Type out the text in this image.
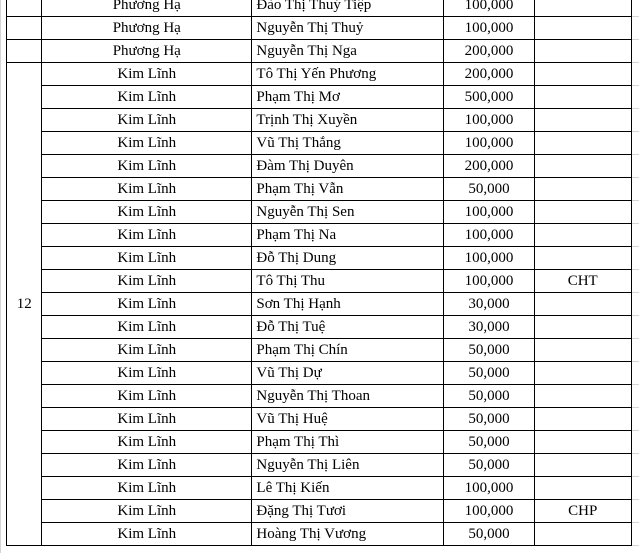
		Phương Hạ	Đào Thị Thuý Tiệp	100,000		
		Phương Hạ	Nguyễn Thị Thuỷ	100,000		
		Phương Hạ	Nguyễn Thị Nga	200,000		
	12	Kim Lĩnh	Tô Thị Yến Phương	200,000		
		Kim Lĩnh	Phạm Thị Mơ	500,000		
		Kim Lĩnh	Trịnh Thị Xuyền	100,000		
		Kim Lĩnh	Vũ Thị Thắng	100,000		
		Kim Lĩnh	Đàm Thị Duyên	200,000		
		Kim Lĩnh	Phạm Thị Vẫn	50,000		
		Kim Lĩnh	Nguyễn Thị Sen	100,000		
		Kim Lĩnh	Phạm Thị Na	100,000		
		Kim Lĩnh	Đỗ Thị Dung	100,000		
		Kim Lĩnh	Tô Thị Thu	100,000	CHT	
		Kim Lĩnh	Sơn Thị Hạnh	30,000		
		Kim Lĩnh	Đỗ Thị Tuệ	30,000		
		Kim Lĩnh	Phạm Thị Chín	50,000		
		Kim Lĩnh	Vũ Thị Dự	50,000		
		Kim Lĩnh	Nguyễn Thị Thoan	50,000		
		Kim Lĩnh	Vũ Thị Huệ	50,000		
		Kim Lĩnh	Phạm Thị Thì	50,000		
		Kim Lĩnh	Nguyễn Thị Liên	50,000		
		Kim Lĩnh	Lê Thị Kiến	100,000		
		Kim Lĩnh	Đặng Thị Tươi	100,000	CHP	
		Kim Lĩnh	Hoàng Thị Vương	50,000		
